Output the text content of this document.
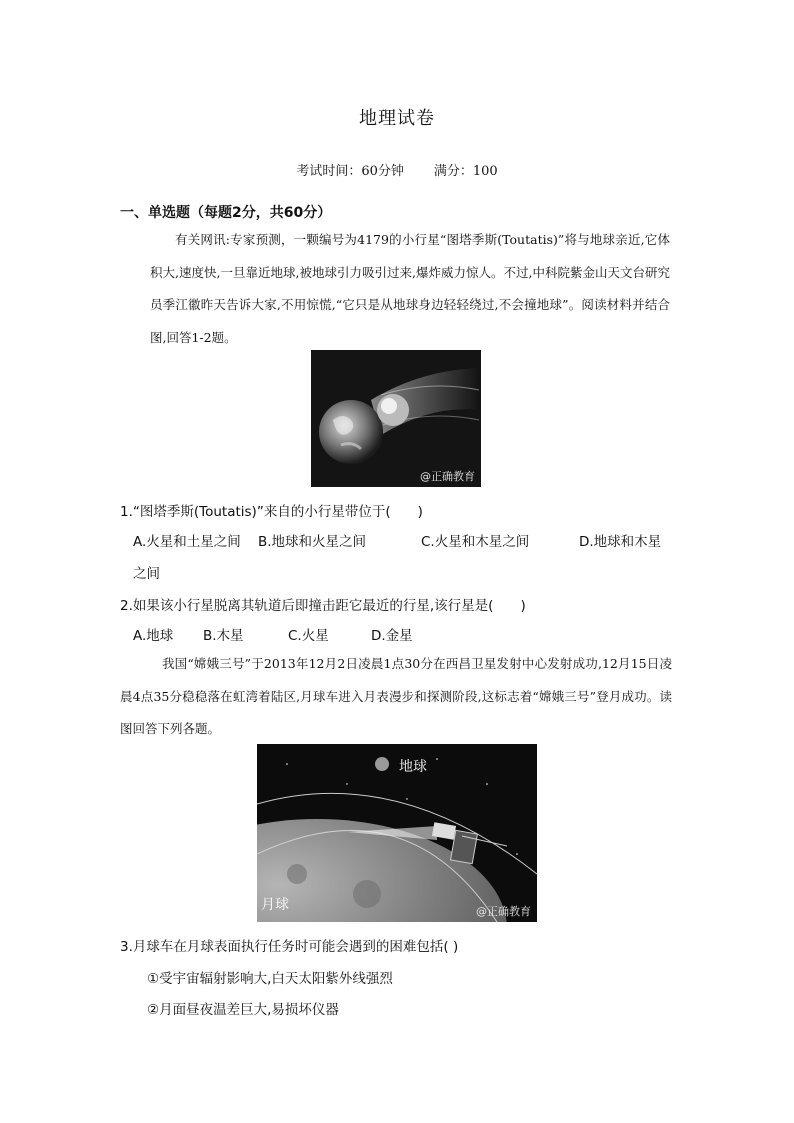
地理试卷
考试时间：60分钟 满分：100
一、单选题（每题2分，共60分）

有关网讯:专家预测，一颗编号为4179的小行星“图塔季斯(Toutatis)”将与地球亲近,它体积大,速度快,一旦靠近地球,被地球引力吸引过来,爆炸威力惊人。不过,中科院紫金山天文台研究员季江徽昨天告诉大家,不用惊慌,“它只是从地球身边轻轻绕过,不会撞地球”。阅读材料并结合图,回答1-2题。

@正确教育
1.“图塔季斯(Toutatis)”来自的小行星带位于(　　)
A.火星和土星之间 B.地球和火星之间	C.火星和木星之间	D.地球和木星
之间
2.如果该小行星脱离其轨道后即撞击距它最近的行星,该行星是(　　)
A.地球 B.木星	C.火星	D.金星

我国“嫦娥三号”于2013年12月2日凌晨1点30分在西昌卫星发射中心发射成功,12月15日凌晨4点35分稳稳落在虹湾着陆区,月球车进入月表漫步和探测阶段,这标志着“嫦娥三号”登月成功。读图回答下列各题。

地球
月球	@正确教育
3.月球车在月球表面执行任务时可能会遇到的困难包括( )
①受宇宙辐射影响大,白天太阳紫外线强烈
②月面昼夜温差巨大,易损坏仪器
